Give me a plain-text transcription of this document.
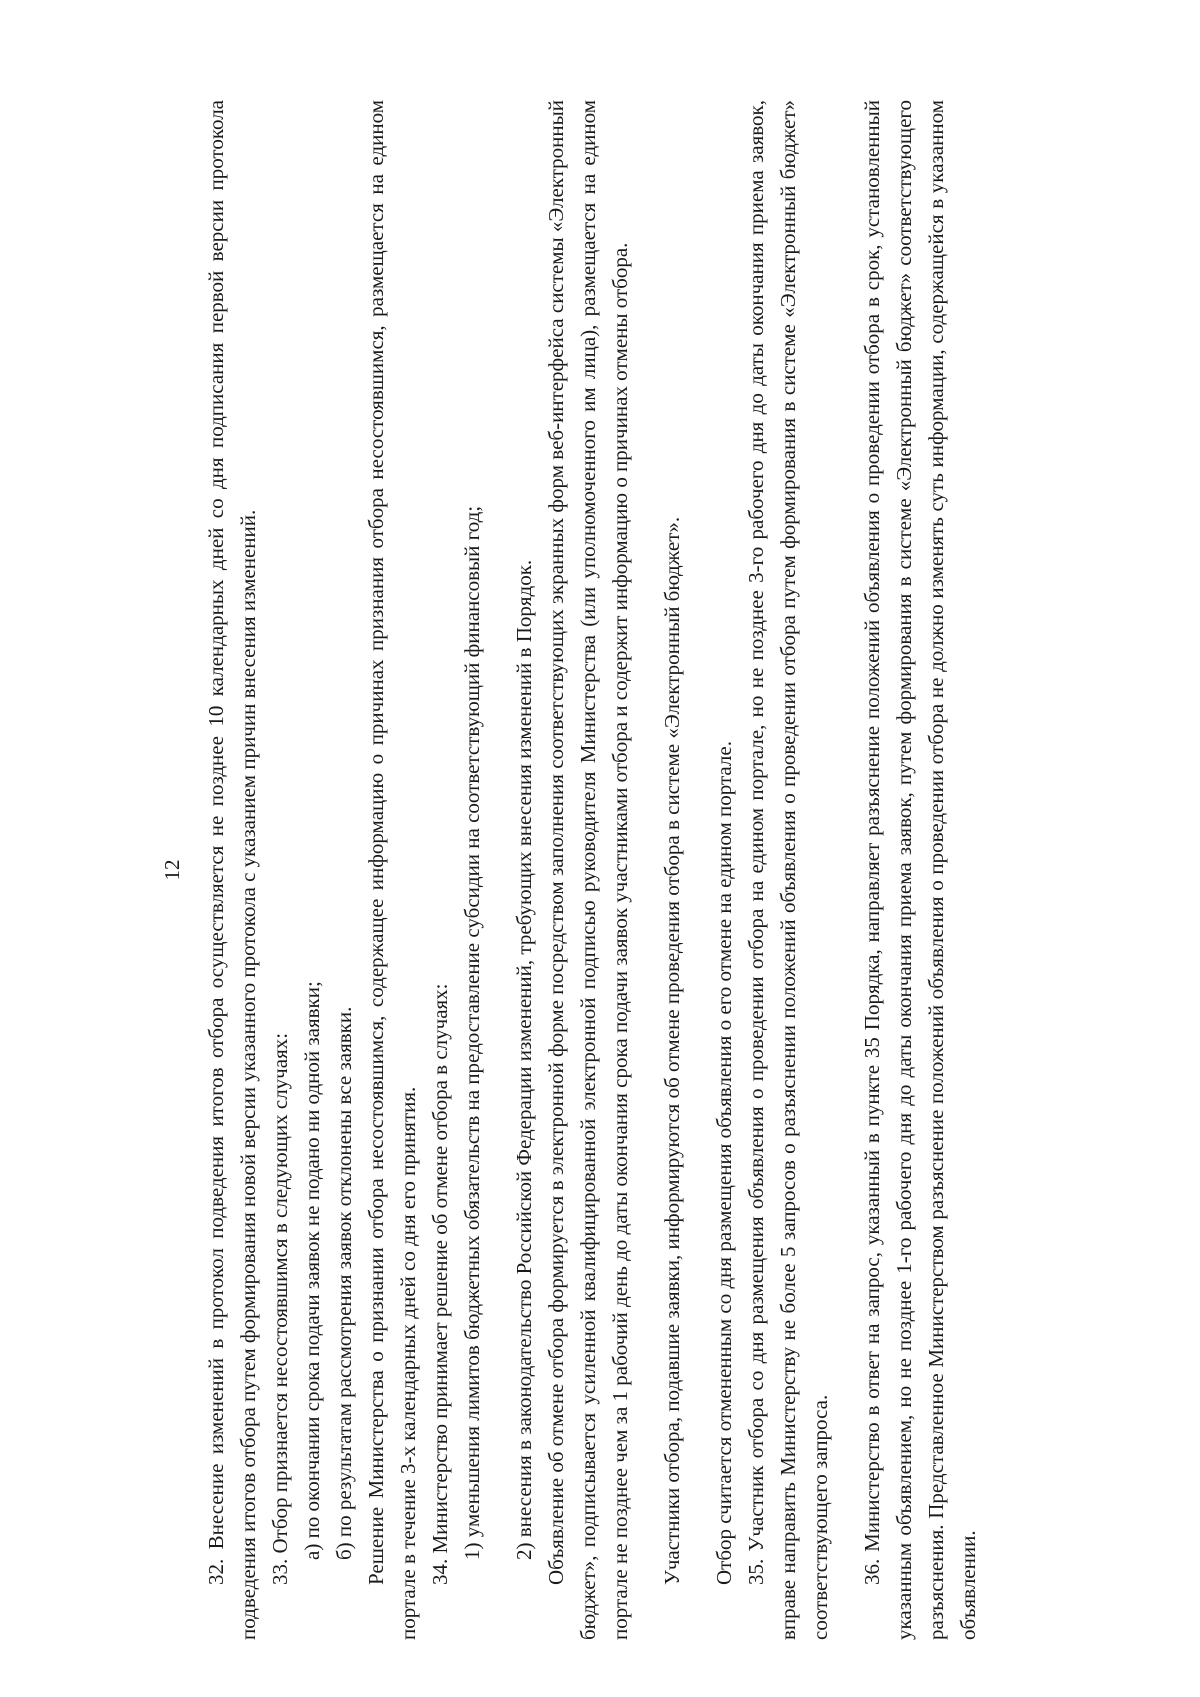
12 32. Внесение изменений в протокол подведения итогов отбора осуществляется не позднее 10 календарных дней со дня подписания первой версии протокола подведения итогов отбора путем формирования новой версии указанного протокола с указанием причин внесения изменений. 33. Отбор признается несостоявшимся в следующих случаях: а) по окончании срока подачи заявок не подано ни одной заявки; б) по результатам рассмотрения заявок отклонены все заявки. Решение Министерства о признании отбора несостоявшимся, содержащее информацию о причинах признания отбора несостоявшимся, размещается на едином портале в течение 3-х календарных дней со дня его принятия. 34. Министерство принимает решение об отмене отбора в случаях: 1) уменьшения лимитов бюджетных обязательств на предоставление субсидии на соответствующий финансовый год; 2) внесения в законодательство Российской Федерации изменений, требующих внесения изменений в Порядок. Объявление об отмене отбора формируется в электронной форме посредством заполнения соответствующих экранных форм веб-интерфейса системы «Электронный бюджет», подписывается усиленной квалифицированной электронной подписью руководителя Министерства (или уполномоченного им лица), размещается на едином портале не позднее чем за 1 рабочий день до даты окончания срока подачи заявок участниками отбора и содержит информацию о причинах отмены отбора. Участники отбора, подавшие заявки, информируются об отмене проведения отбора в системе «Электронный бюджет». Отбор считается отмененным со дня размещения объявления о его отмене на едином портале. 35. Участник отбора со дня размещения объявления о проведении отбора на едином портале, но не позднее 3-го рабочего дня до даты окончания приема заявок, вправе направить Министерству не более 5 запросов о разъяснении положений объявления о проведении отбора путем формирования в системе «Электронный бюджет» соответствующего запроса. 36. Министерство в ответ на запрос, указанный в пункте 35 Порядка, направляет разъяснение положений объявления о проведении отбора в срок, установленный указанным объявлением, но не позднее 1-го рабочего дня до даты окончания приема заявок, путем формирования в системе «Электронный бюджет» соответствующего разъяснения. Представленное Министерством разъяснение положений объявления о проведении отбора не должно изменять суть информации, содержащейся в указанном объявлении.
